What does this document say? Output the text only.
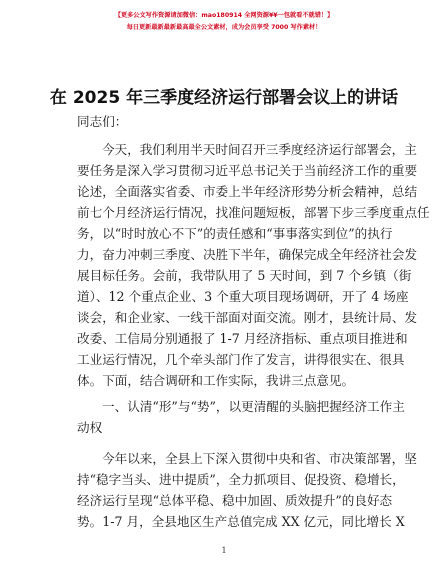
【更多公文写作资源请加微信：mao180914 全网资源¥¥一包就看不就错！】
每日更新最新最新最高最全公文素材，成为会员享受 7000 写作素材！
在 2025 年三季度经济运行部署会议上的讲话
同志们：
今天，我们利用半天时间召开三季度经济运行部署会，主
要任务是深入学习贯彻习近平总书记关于当前经济工作的重要
论述，全面落实省委、市委上半年经济形势分析会精神，总结
前七个月经济运行情况，找准问题短板，部署下步三季度重点任
务，以“时时放心不下”的责任感和“事事落实到位”的执行
力，奋力冲刺三季度、决胜下半年，确保完成全年经济社会发
展目标任务。会前，我带队用了 5 天时间，到 7 个乡镇（街
道）、12 个重点企业、3 个重大项目现场调研，开了 4 场座
谈会，和企业家、一线干部面对面交流。刚才，县统计局、发
改委、工信局分别通报了 1-7 月经济指标、重点项目推进和
工业运行情况，几个牵头部门作了发言，讲得很实在、很具
体。下面，结合调研和工作实际，我讲三点意见。
一、认清“形”与“势”，以更清醒的头脑把握经济工作主
动权
今年以来，全县上下深入贯彻中央和省、市决策部署，坚
持“稳字当头、进中提质”，全力抓项目、促投资、稳增长，
经济运行呈现“总体平稳、稳中加固、质效提升”的良好态
势。1-7 月，全县地区生产总值完成 XX 亿元，同比增长 X
1
